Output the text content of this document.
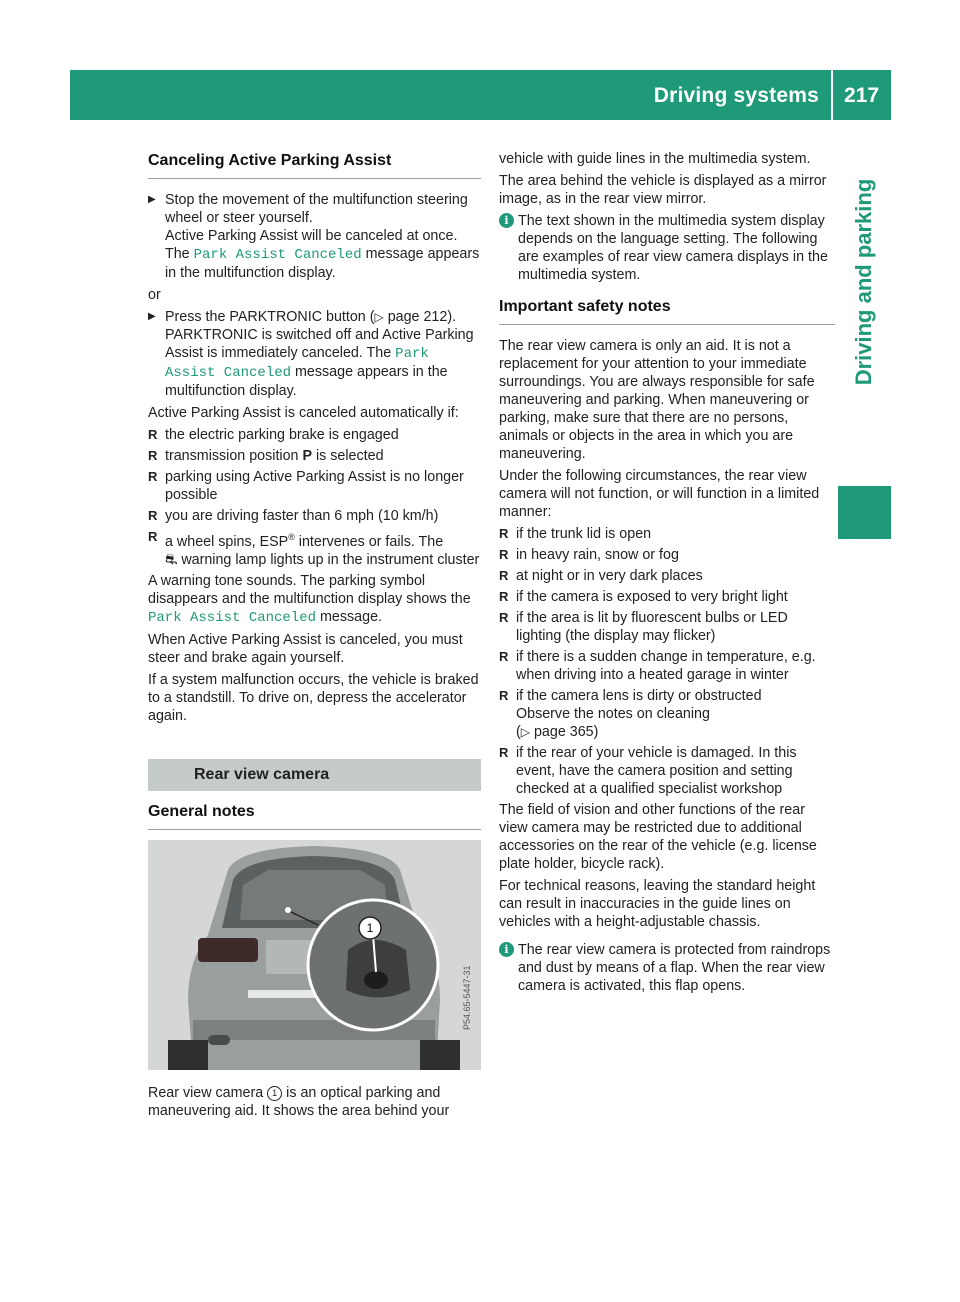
Driving systems 217
Driving and parking
Canceling Active Parking Assist
▶ Stop the movement of the multifunction steering wheel or steer yourself.
Active Parking Assist will be canceled at once. The Park Assist Canceled message appears in the multifunction display.

or

▶ Press the PARKTRONIC button (▷ page 212).
PARKTRONIC is switched off and Active Parking Assist is immediately canceled. The Park Assist Canceled message appears in the multifunction display.

Active Parking Assist is canceled automatically if:

R the electric parking brake is engaged
R transmission position P is selected
R parking using Active Parking Assist is no longer possible
R you are driving faster than 6 mph (10 km/h)
R a wheel spins, ESP® intervenes or fails. The
⛐ warning lamp lights up in the instrument cluster

A warning tone sounds. The parking symbol disappears and the multifunction display shows the Park Assist Canceled message.

When Active Parking Assist is canceled, you must steer and brake again yourself.

If a system malfunction occurs, the vehicle is braked to a standstill. To drive on, depress the accelerator again.

Rear view camera
General notes
1
P54.65-5447-31

Rear view camera 1 is an optical parking and maneuvering aid. It shows the area behind your

vehicle with guide lines in the multimedia system.

The area behind the vehicle is displayed as a mirror image, as in the rear view mirror.

i The text shown in the multimedia system display depends on the language setting. The following are examples of rear view camera displays in the multimedia system.
Important safety notes

The rear view camera is only an aid. It is not a replacement for your attention to your immediate surroundings. You are always responsible for safe maneuvering and parking. When maneuvering or parking, make sure that there are no persons, animals or objects in the area in which you are maneuvering.

Under the following circumstances, the rear view camera will not function, or will function in a limited manner:

R if the trunk lid is open
R in heavy rain, snow or fog
R at night or in very dark places
R if the camera is exposed to very bright light
R if the area is lit by fluorescent bulbs or LED lighting (the display may flicker)
R if there is a sudden change in temperature, e.g. when driving into a heated garage in winter
R if the camera lens is dirty or obstructed
Observe the notes on cleaning
(▷ page 365)
R if the rear of your vehicle is damaged. In this event, have the camera position and setting checked at a qualified specialist workshop

The field of vision and other functions of the rear view camera may be restricted due to additional accessories on the rear of the vehicle (e.g. license plate holder, bicycle rack).

For technical reasons, leaving the standard height can result in inaccuracies in the guide lines on vehicles with a height-adjustable chassis.

i The rear view camera is protected from raindrops and dust by means of a flap. When the rear view camera is activated, this flap opens.
